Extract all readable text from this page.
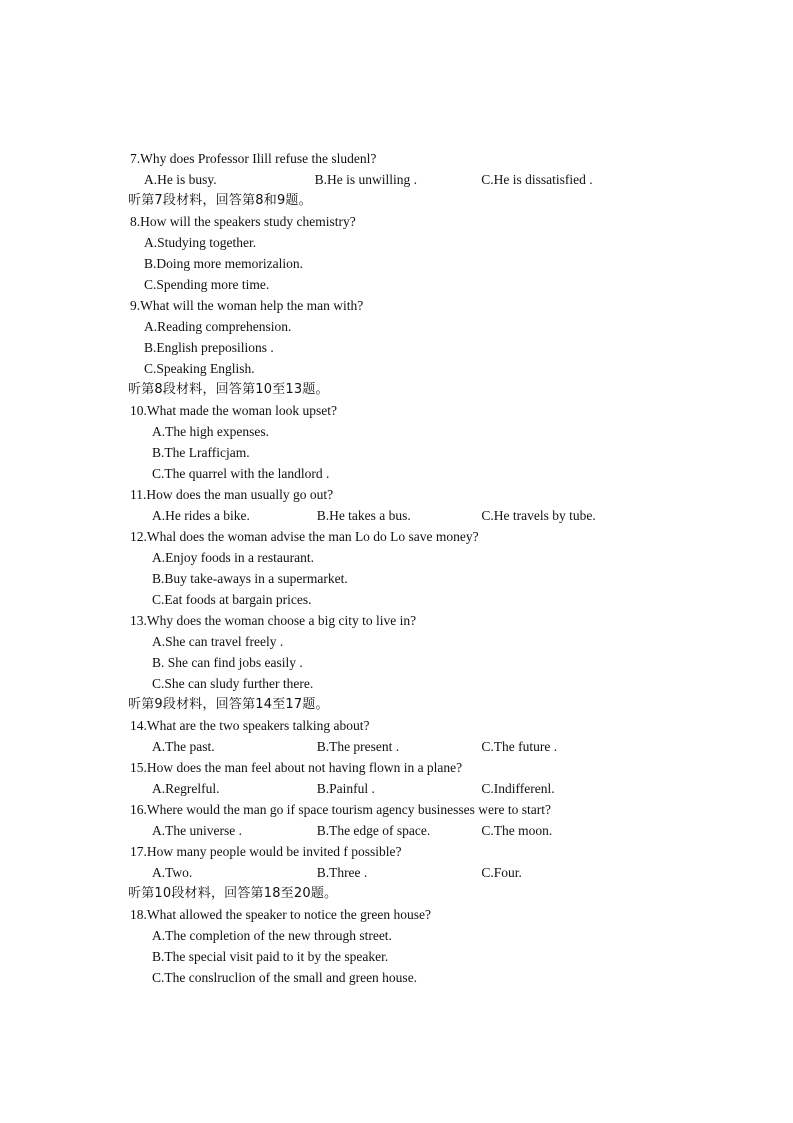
7.Why does Professor Ilill refuse the sludenl?
A.He is busy.	B.He is unwilling .	C.He is dissatisfied .
听第7段材料，回答第8和9题。
8.How will the speakers study chemistry?
A.Studying together.
B.Doing more memorizalion.
C.Spending more time.
9.What will the woman help the man with?
A.Reading comprehension.
B.English preposilions .
C.Speaking English.
听第8段材料，回答第10至13题。
10.What made the woman look upset?
A.The high expenses.
B.The Lrafficjam.
C.The quarrel with the landlord .
11.How does the man usually go out?
A.He rides a bike.	B.He takes a bus.	C.He travels by tube.
12.Whal does the woman advise the man Lo do Lo save money?
A.Enjoy foods in a restaurant.
B.Buy take-aways in a supermarket.
C.Eat foods at bargain prices.
13.Why does the woman choose a big city to live in?
A.She can travel freely .
B. She can find jobs easily .
C.She can sludy further there.
听第9段材料，回答第14至17题。
14.What are the two speakers talking about?
A.The past.	B.The present .	C.The future .
15.How does the man feel about not having flown in a plane?
A.Regrelful.	B.Painful .	C.Indifferenl.
16.Where would the man go if space tourism agency businesses were to start?
A.The universe .	B.The edge of space.	C.The moon.
17.How many people would be invited f possible?
A.Two.	B.Three .	C.Four.
听第10段材料，回答第18至20题。
18.What allowed the speaker to notice the green house?
A.The completion of the new through street.
B.The special visit paid to it by the speaker.
C.The conslruclion of the small and green house.
